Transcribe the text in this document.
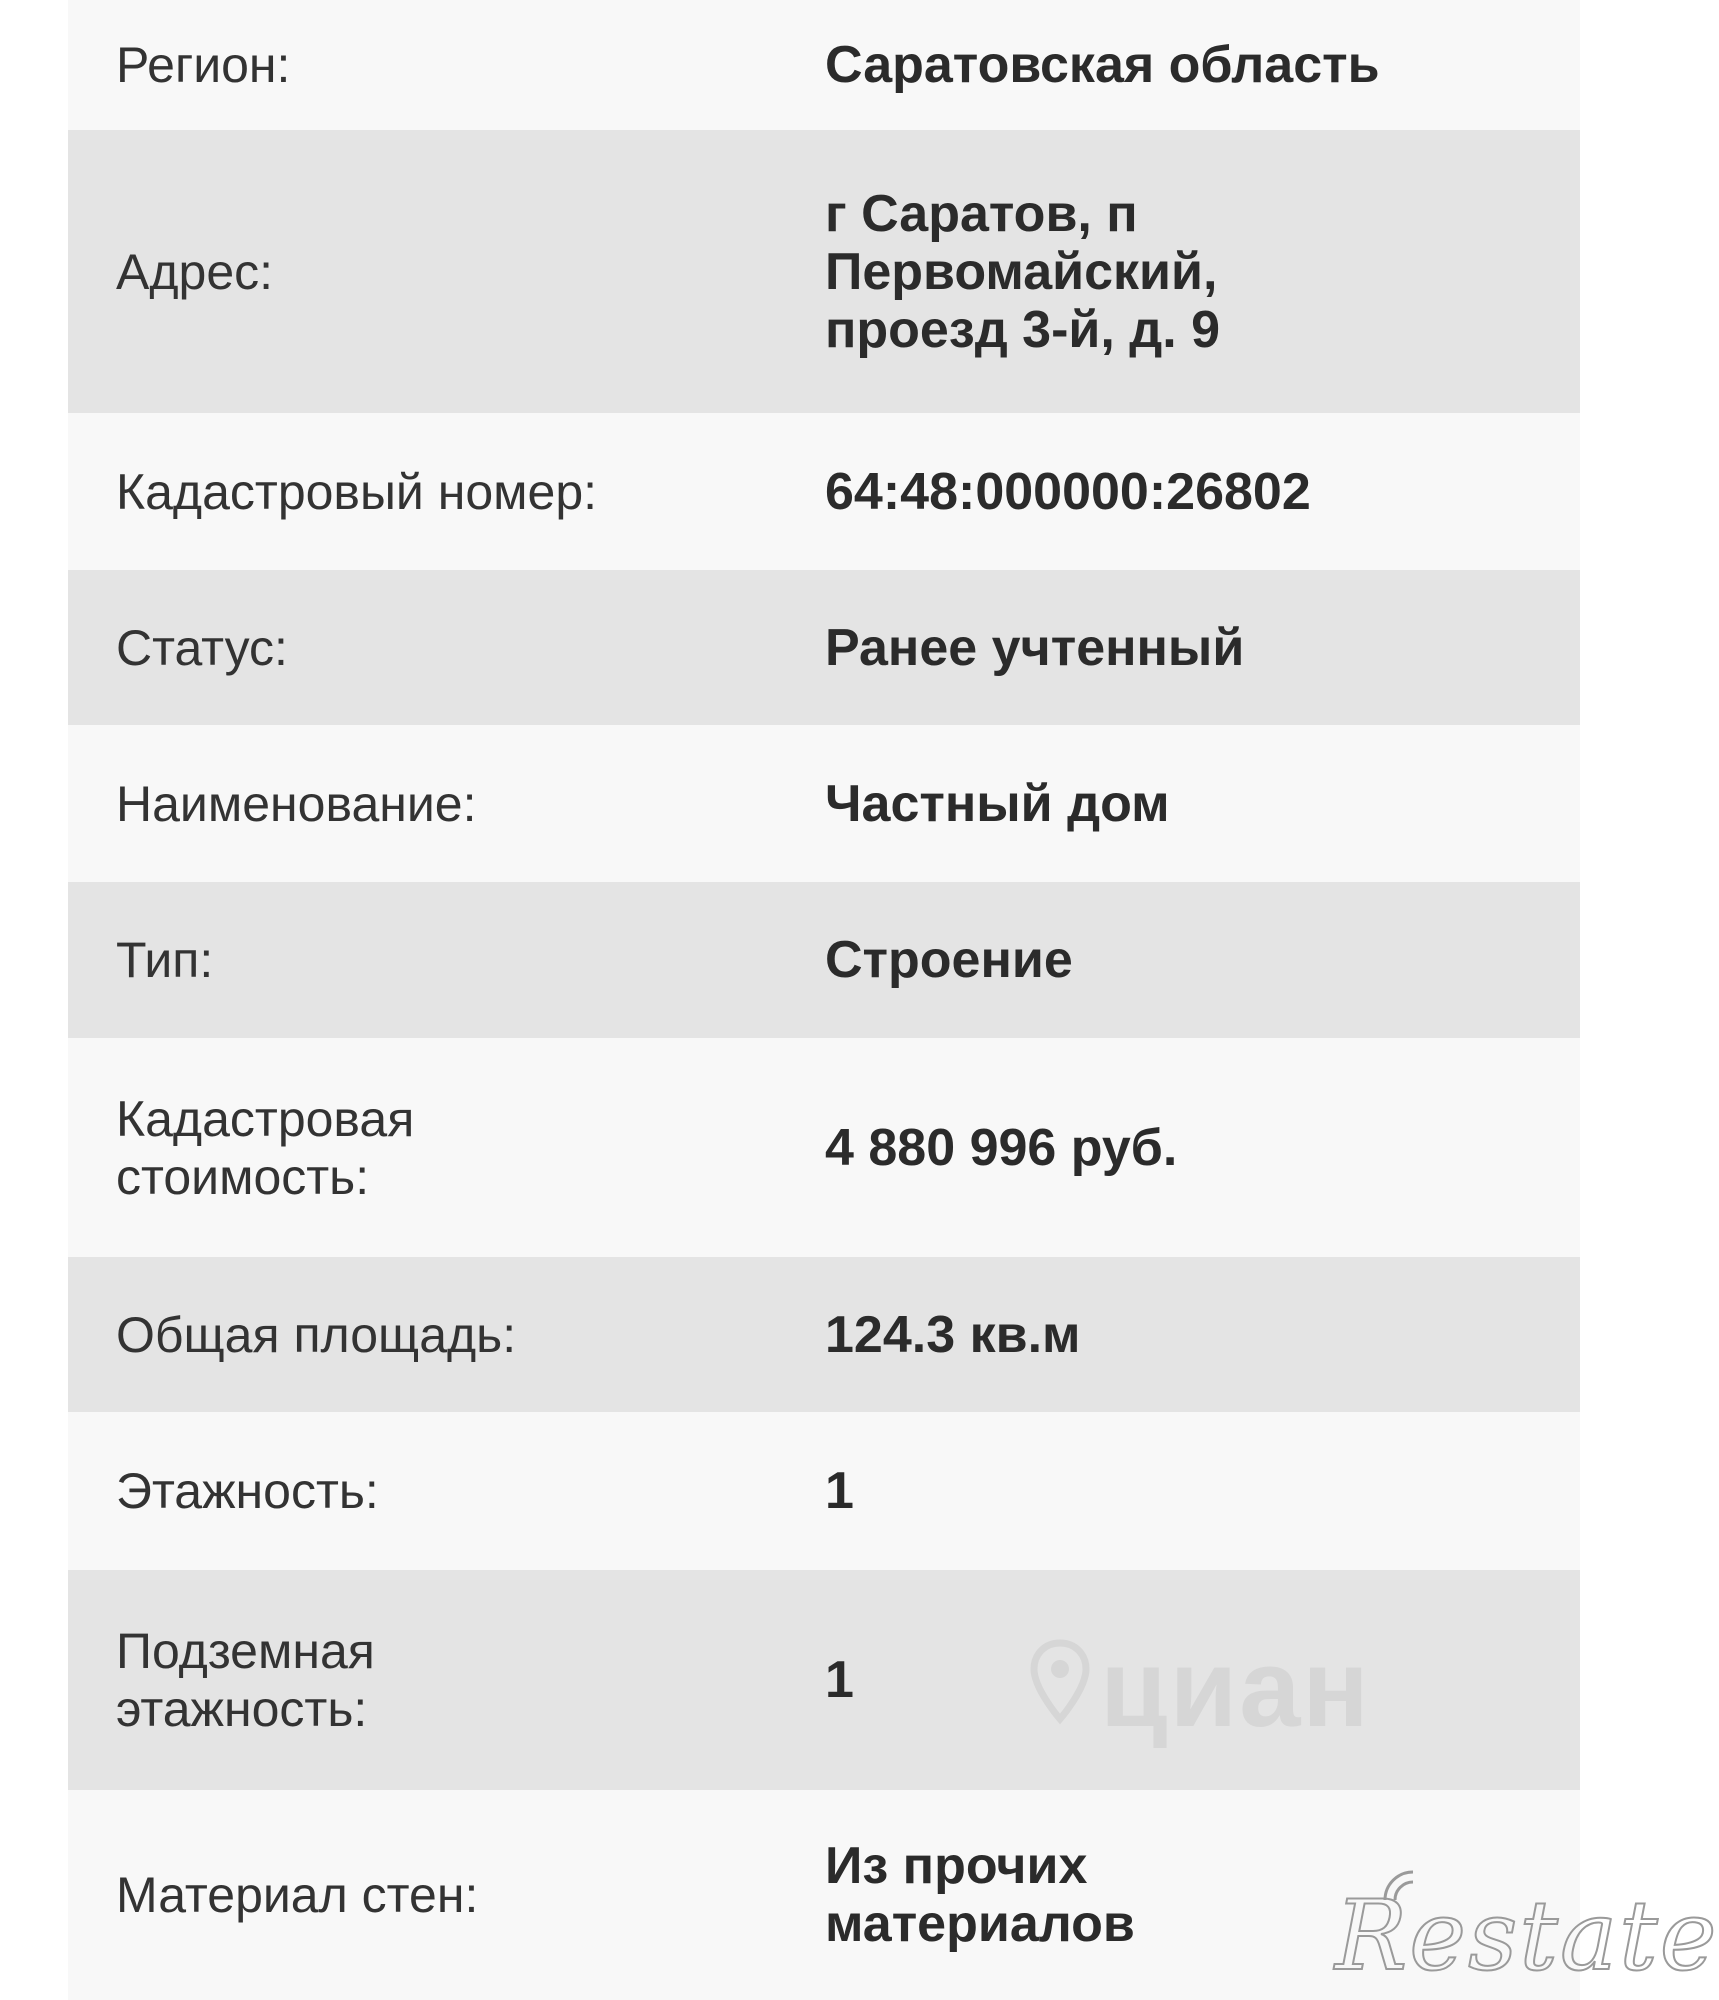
Регион:	Саратовская область
Адрес:
г Саратов, п
Первомайский,
проезд 3-й, д. 9
Кадастровый номер:	64:48:000000:26802
Статус:	Ранее учтенный
Наименование:	Частный дом
Тип:	Строение
Кадастровая
стоимость:	4 880 996 руб.
Общая площадь:	124.3 кв.м
Этажность:	1
Подземная
этажность:	1
Материал стен:	Из прочих
материалов
